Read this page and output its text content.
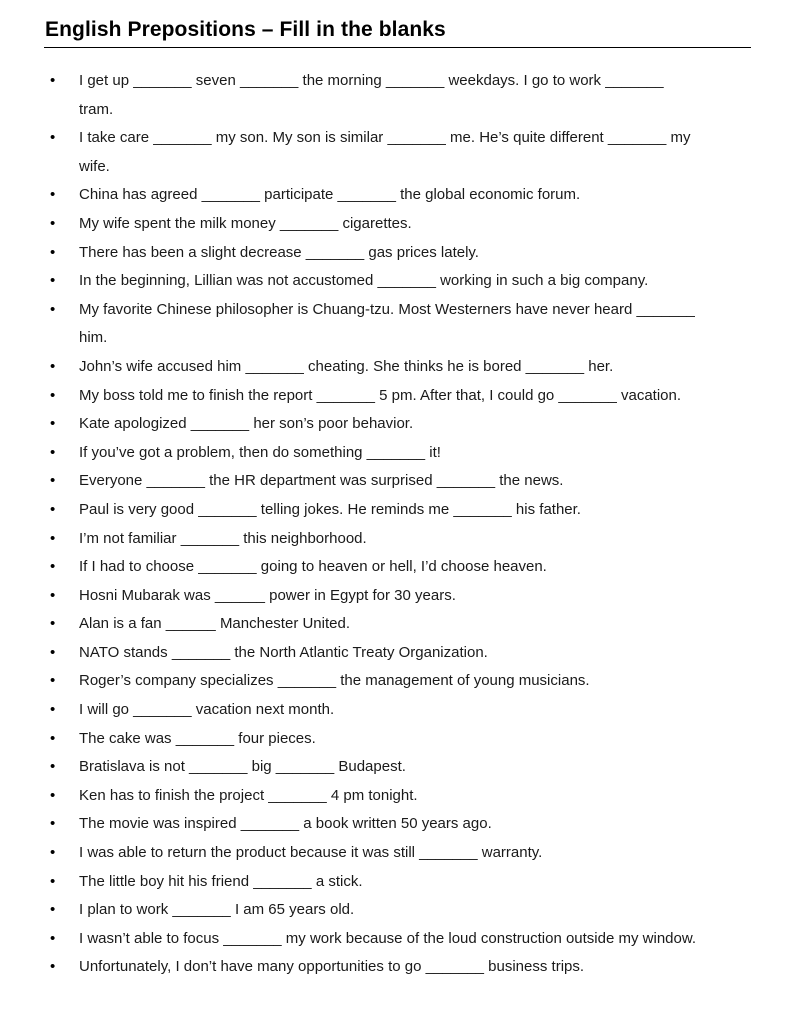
English Prepositions – Fill in the blanks
• I get up _______ seven _______ the morning _______ weekdays. I go to work _______
tram.
• I take care _______ my son. My son is similar _______ me. He’s quite different _______ my
wife.
• China has agreed _______ participate _______ the global economic forum.
• My wife spent the milk money _______ cigarettes.
• There has been a slight decrease _______ gas prices lately.
• In the beginning, Lillian was not accustomed _______ working in such a big company.
• My favorite Chinese philosopher is Chuang-tzu. Most Westerners have never heard _______
him.
• John’s wife accused him _______ cheating. She thinks he is bored _______ her.
• My boss told me to finish the report _______ 5 pm. After that, I could go _______ vacation.
• Kate apologized _______ her son’s poor behavior.
• If you’ve got a problem, then do something _______ it!
• Everyone _______ the HR department was surprised _______ the news.
• Paul is very good _______ telling jokes. He reminds me _______ his father.
• I’m not familiar _______ this neighborhood.
• If I had to choose _______ going to heaven or hell, I’d choose heaven.
• Hosni Mubarak was ______ power in Egypt for 30 years.
• Alan is a fan ______ Manchester United.
• NATO stands _______ the North Atlantic Treaty Organization.
• Roger’s company specializes _______ the management of young musicians.
• I will go _______ vacation next month.
• The cake was _______ four pieces.
• Bratislava is not _______ big _______ Budapest.
• Ken has to finish the project _______ 4 pm tonight.
• The movie was inspired _______ a book written 50 years ago.
• I was able to return the product because it was still _______ warranty.
• The little boy hit his friend _______ a stick.
• I plan to work _______ I am 65 years old.
• I wasn’t able to focus _______ my work because of the loud construction outside my window.
• Unfortunately, I don’t have many opportunities to go _______ business trips.
